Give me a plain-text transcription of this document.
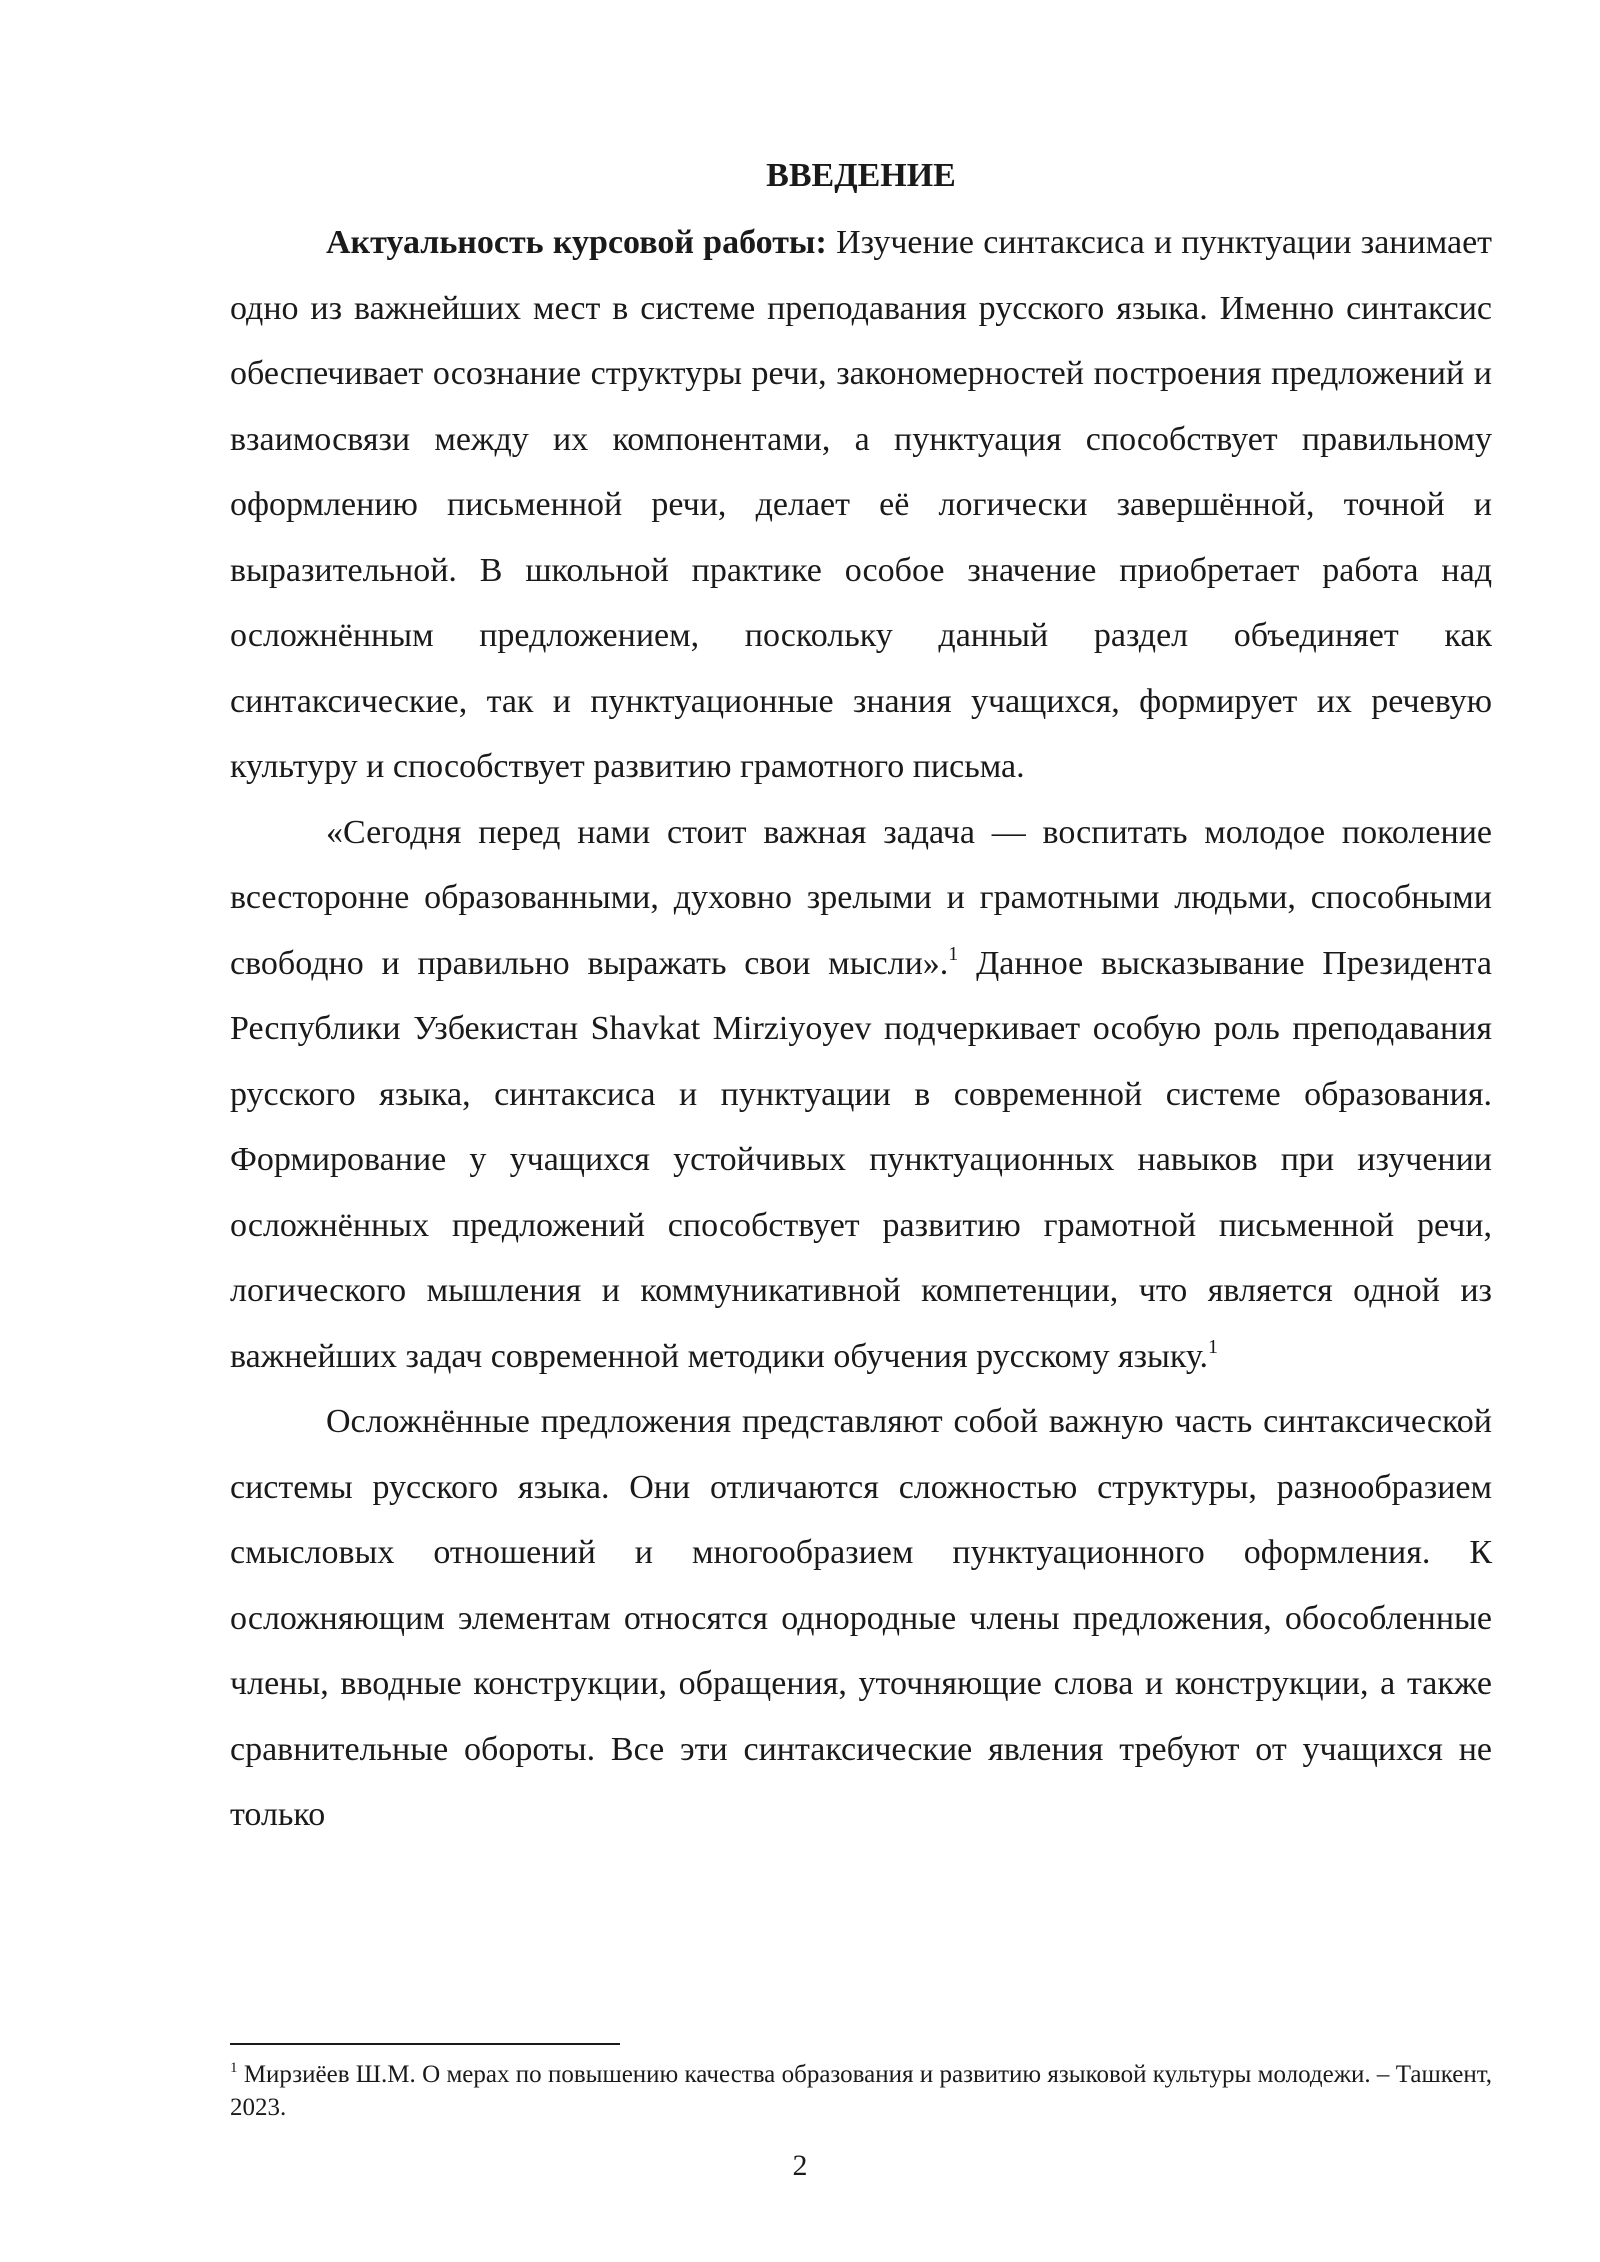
ВВЕДЕНИЕ

Актуальность курсовой работы: Изучение синтаксиса и пунктуации занимает одно из важнейших мест в системе преподавания русского языка. Именно синтаксис обеспечивает осознание структуры речи, закономерностей построения предложений и взаимосвязи между их компонентами, а пунктуация способствует правильному оформлению письменной речи, делает её логически завершённой, точной и выразительной. В школьной практике особое значение приобретает работа над осложнённым предложением, поскольку данный раздел объединяет как синтаксические, так и пунктуационные знания учащихся, формирует их речевую культуру и способствует развитию грамотного письма.

«Сегодня перед нами стоит важная задача — воспитать молодое поколение всесторонне образованными, духовно зрелыми и грамотными людьми, способными свободно и правильно выражать свои мысли».$^1$ Данное высказывание Президента Республики Узбекистан Shavkat Mirziyoyev подчеркивает особую роль преподавания русского языка, синтаксиса и пунктуации в современной системе образования. Формирование у учащихся устойчивых пунктуационных навыков при изучении осложнённых предложений способствует развитию грамотной письменной речи, логического мышления и коммуникативной компетенции, что является одной из важнейших задач современной методики обучения русскому языку.$^1$

Осложнённые предложения представляют собой важную часть синтаксической системы русского языка. Они отличаются сложностью структуры, разнообразием смысловых отношений и многообразием пунктуационного оформления. К осложняющим элементам относятся однородные члены предложения, обособленные члены, вводные конструкции, обращения, уточняющие слова и конструкции, а также сравнительные обороты. Все эти синтаксические явления требуют от учащихся не только

$^1$ Мирзиёев Ш.М. О мерах по повышению качества образования и развитию языковой культуры молодежи. – Ташкент, 2023.

2
